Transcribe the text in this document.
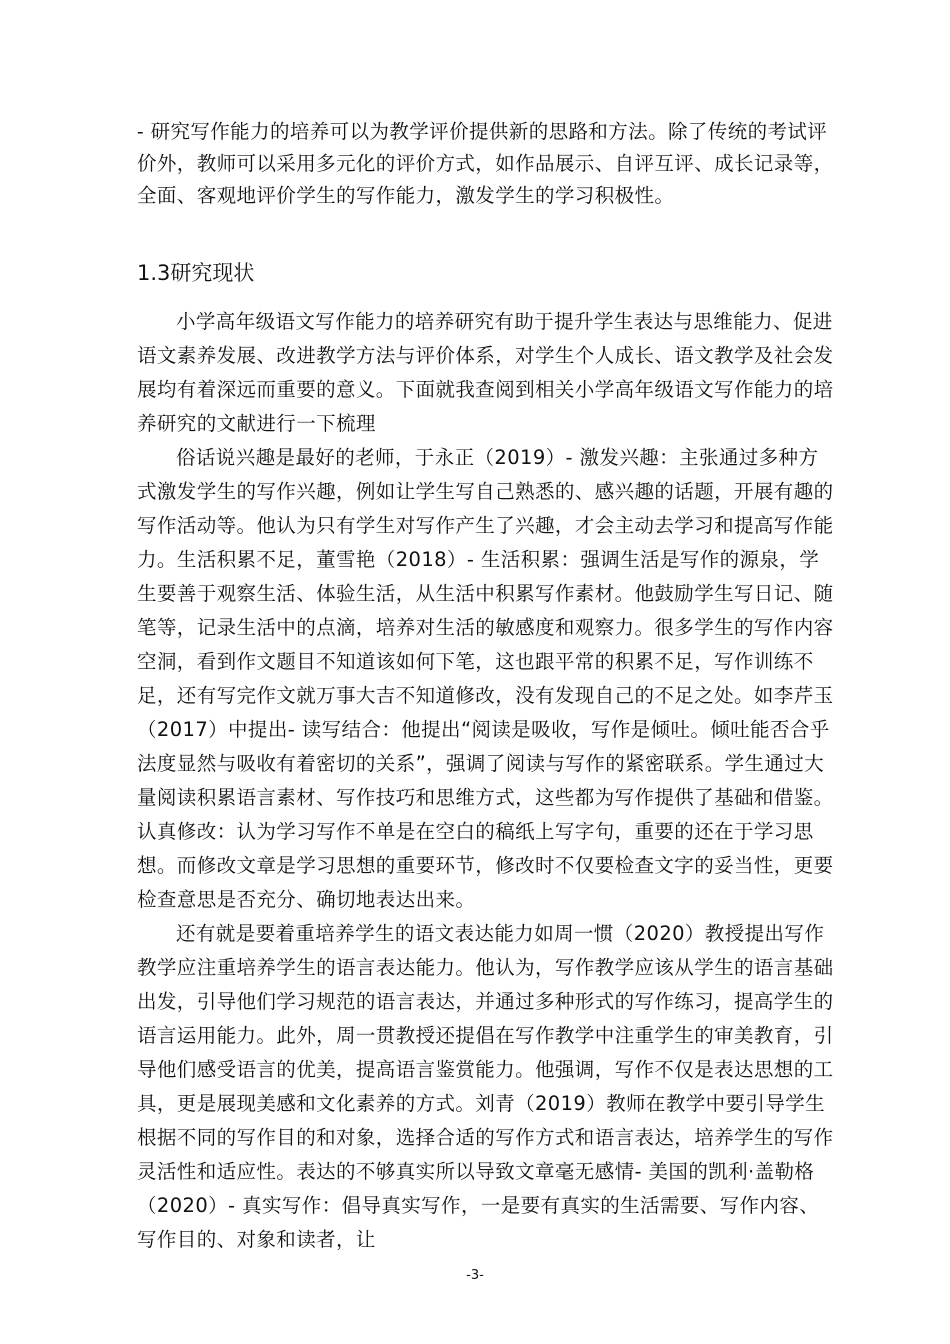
- 研究写作能力的培养可以为教学评价提供新的思路和方法。除了传统的考试评价外，教师可以采用多元化的评价方式，如作品展示、自评互评、成长记录等，全面、客观地评价学生的写作能力，激发学生的学习积极性。

1.3研究现状

小学高年级语文写作能力的培养研究有助于提升学生表达与思维能力、促进语文素养发展、改进教学方法与评价体系，对学生个人成长、语文教学及社会发展均有着深远而重要的意义。下面就我查阅到相关小学高年级语文写作能力的培养研究的文献进行一下梳理

俗话说兴趣是最好的老师，于永正（2019）- 激发兴趣：主张通过多种方式激发学生的写作兴趣，例如让学生写自己熟悉的、感兴趣的话题，开展有趣的写作活动等。他认为只有学生对写作产生了兴趣，才会主动去学习和提高写作能力。生活积累不足，董雪艳（2018）- 生活积累：强调生活是写作的源泉，学生要善于观察生活、体验生活，从生活中积累写作素材。他鼓励学生写日记、随笔等，记录生活中的点滴，培养对生活的敏感度和观察力。很多学生的写作内容空洞，看到作文题目不知道该如何下笔，这也跟平常的积累不足，写作训练不足，还有写完作文就万事大吉不知道修改，没有发现自己的不足之处。如李芹玉（2017）中提出- 读写结合：他提出“阅读是吸收，写作是倾吐。倾吐能否合乎法度显然与吸收有着密切的关系”，强调了阅读与写作的紧密联系。学生通过大量阅读积累语言素材、写作技巧和思维方式，这些都为写作提供了基础和借鉴。 认真修改：认为学习写作不单是在空白的稿纸上写字句，重要的还在于学习思想。而修改文章是学习思想的重要环节，修改时不仅要检查文字的妥当性，更要检查意思是否充分、确切地表达出来。

还有就是要着重培养学生的语文表达能力如周一惯（2020）教授提出写作教学应注重培养学生的语言表达能力。他认为，写作教学应该从学生的语言基础出发，引导他们学习规范的语言表达，并通过多种形式的写作练习，提高学生的语言运用能力。此外，周一贯教授还提倡在写作教学中注重学生的审美教育，引导他们感受语言的优美，提高语言鉴赏能力。他强调，写作不仅是表达思想的工具，更是展现美感和文化素养的方式。刘青（2019）教师在教学中要引导学生根据不同的写作目的和对象，选择合适的写作方式和语言表达，培养学生的写作灵活性和适应性。表达的不够真实所以导致文章毫无感情- 美国的凯利·盖勒格（2020）- 真实写作：倡导真实写作，一是要有真实的生活需要、写作内容、写作目的、对象和读者，让

-3-
